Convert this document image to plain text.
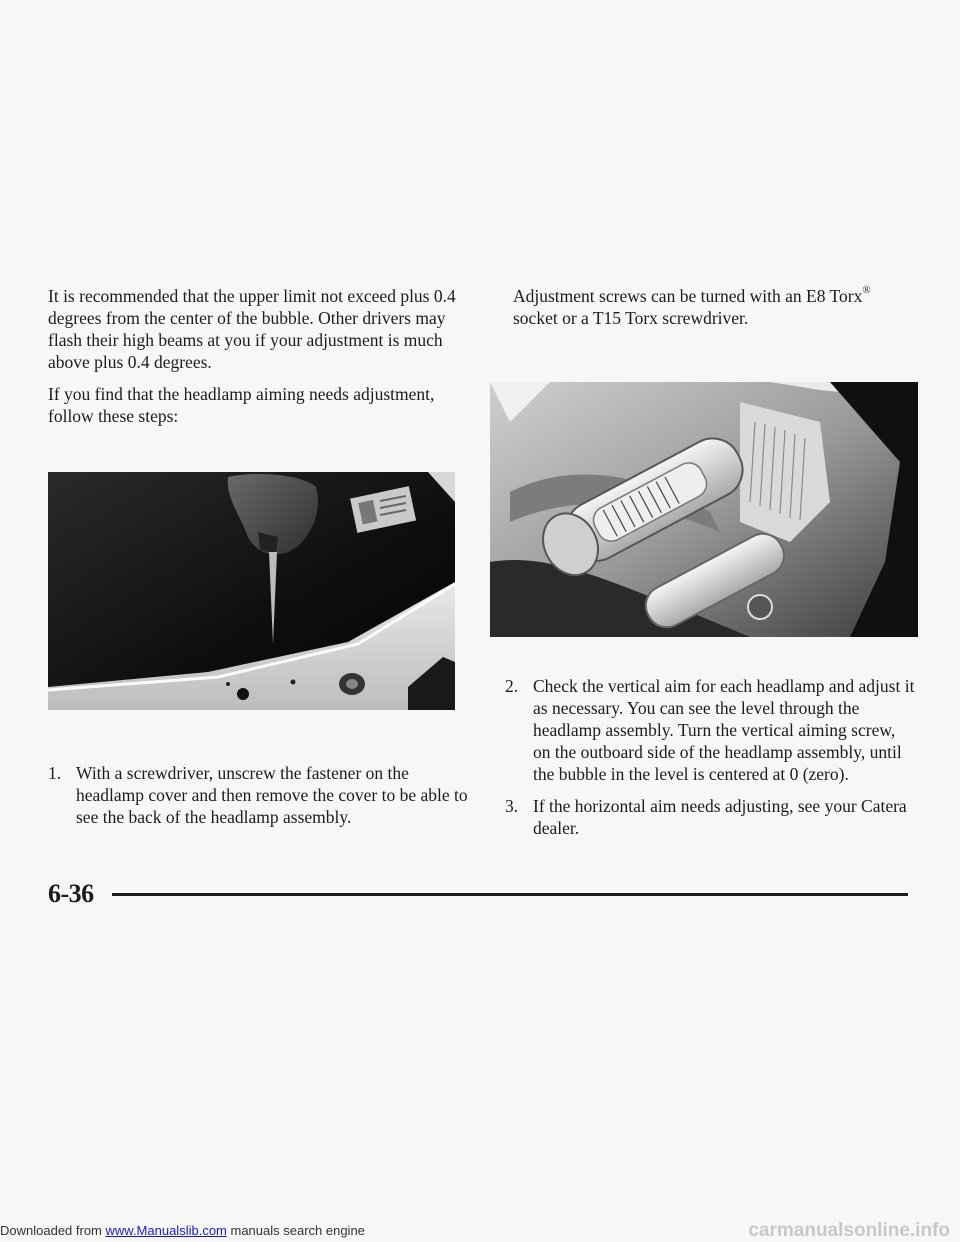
It is recommended that the upper limit not exceed plus 0.4 degrees from the center of the bubble. Other drivers may flash their high beams at you if your adjustment is much above plus 0.4 degrees.

If you find that the headlamp aiming needs adjustment, follow these steps:

Adjustment screws can be turned with an E8 Torx® socket or a T15 Torx screwdriver.

1. With a screwdriver, unscrew the fastener on the headlamp cover and then remove the cover to be able to see the back of the headlamp assembly.
2. Check the vertical aim for each headlamp and adjust it as necessary. You can see the level through the headlamp assembly. Turn the vertical aiming screw, on the outboard side of the headlamp assembly, until the bubble in the level is centered at 0 (zero).
3. If the horizontal aim needs adjusting, see your Catera dealer.
6-36
Downloaded from www.Manualslib.com manuals search engine	carmanualsonline.info
